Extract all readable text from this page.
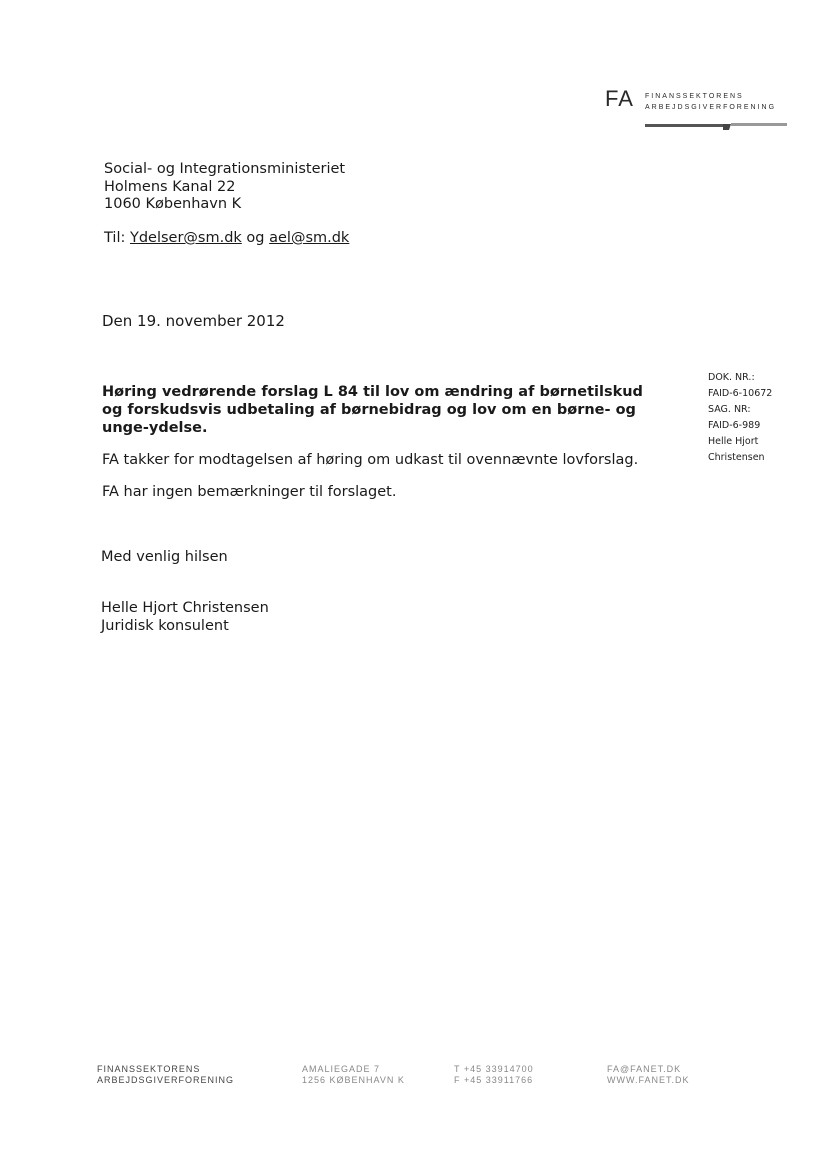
FA FINANSSEKTORENS
ARBEJDSGIVERFORENING
Social- og Integrationsministeriet
Holmens Kanal 22
1060 København K
Til: Ydelser@sm.dk og ael@sm.dk
Den 19. november 2012
DOK. NR.:
FAID-6-10672
SAG. NR:
FAID-6-989
Helle Hjort
Christensen
Høring vedrørende forslag L 84 til lov om ændring af børnetilskud og forskudsvis udbetaling af børnebidrag og lov om en børne- og unge-ydelse.
FA takker for modtagelsen af høring om udkast til ovennævnte lovforslag.
FA har ingen bemærkninger til forslaget.
Med venlig hilsen
Helle Hjort Christensen
Juridisk konsulent
FINANSSEKTORENS
ARBEJDSGIVERFORENING
AMALIEGADE 7
1256 KØBENHAVN K
T +45 33914700
F +45 33911766
FA@FANET.DK
WWW.FANET.DK
